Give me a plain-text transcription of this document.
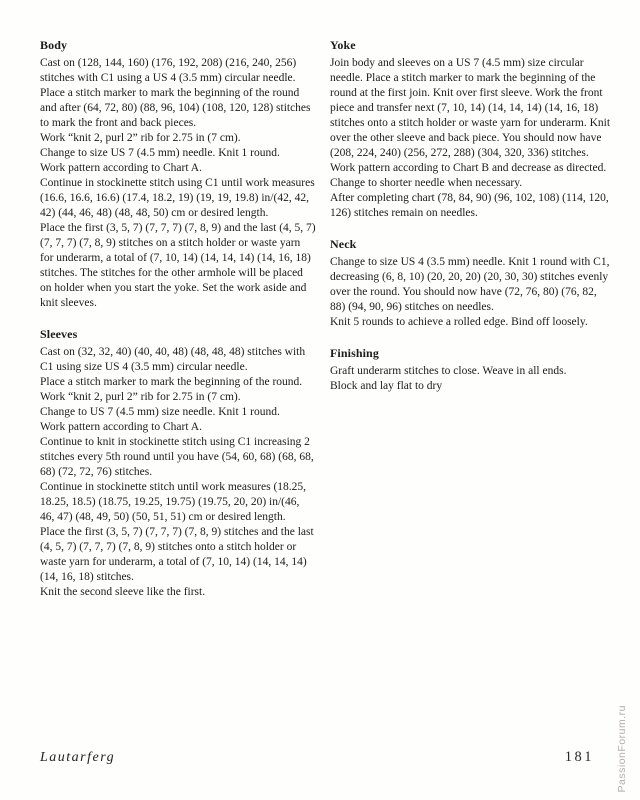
Body

Cast on (128, 144, 160) (176, 192, 208) (216, 240, 256) stitches with C1 using a US 4 (3.5 mm) circular needle. Place a stitch marker to mark the beginning of the round and after (64, 72, 80) (88, 96, 104) (108, 120, 128) stitches to mark the front and back pieces.

Work “knit 2, purl 2” rib for 2.75 in (7 cm).

Change to size US 7 (4.5 mm) needle. Knit 1 round.

Work pattern according to Chart A.

Continue in stockinette stitch using C1 until work measures (16.6, 16.6, 16.6) (17.4, 18.2, 19) (19, 19, 19.8) in/(42, 42, 42) (44, 46, 48) (48, 48, 50) cm or desired length.

Place the first (3, 5, 7) (7, 7, 7) (7, 8, 9) and the last (4, 5, 7) (7, 7, 7) (7, 8, 9) stitches on a stitch holder or waste yarn for underarm, a total of (7, 10, 14) (14, 14, 14) (14, 16, 18) stitches. The stitches for the other armhole will be placed on holder when you start the yoke. Set the work aside and knit sleeves.

Sleeves

Cast on (32, 32, 40) (40, 40, 48) (48, 48, 48) stitches with C1 using size US 4 (3.5 mm) circular needle.

Place a stitch marker to mark the beginning of the round.

Work “knit 2, purl 2” rib for 2.75 in (7 cm).

Change to US 7 (4.5 mm) size needle. Knit 1 round.

Work pattern according to Chart A.

Continue to knit in stockinette stitch using C1 increasing 2 stitches every 5th round until you have (54, 60, 68) (68, 68, 68) (72, 72, 76) stitches.

Continue in stockinette stitch until work measures (18.25, 18.25, 18.5) (18.75, 19.25, 19.75) (19.75, 20, 20) in/(46, 46, 47) (48, 49, 50) (50, 51, 51) cm or desired length.

Place the first (3, 5, 7) (7, 7, 7) (7, 8, 9) stitches and the last (4, 5, 7) (7, 7, 7) (7, 8, 9) stitches onto a stitch holder or waste yarn for underarm, a total of (7, 10, 14) (14, 14, 14) (14, 16, 18) stitches.

Knit the second sleeve like the first.

Yoke

Join body and sleeves on a US 7 (4.5 mm) size circular needle. Place a stitch marker to mark the beginning of the round at the first join. Knit over first sleeve. Work the front piece and transfer next (7, 10, 14) (14, 14, 14) (14, 16, 18) stitches onto a stitch holder or waste yarn for underarm. Knit over the other sleeve and back piece. You should now have (208, 224, 240) (256, 272, 288) (304, 320, 336) stitches.

Work pattern according to Chart B and decrease as directed. Change to shorter needle when necessary.

After completing chart (78, 84, 90) (96, 102, 108) (114, 120, 126) stitches remain on needles.

Neck

Change to size US 4 (3.5 mm) needle. Knit 1 round with C1, decreasing (6, 8, 10) (20, 20, 20) (20, 30, 30) stitches evenly over the round. You should now have (72, 76, 80) (76, 82, 88) (94, 90, 96) stitches on needles.

Knit 5 rounds to achieve a rolled edge. Bind off loosely.

Finishing

Graft underarm stitches to close. Weave in all ends.

Block and lay flat to dry

Lautarferg	181 PassionForum.ru
